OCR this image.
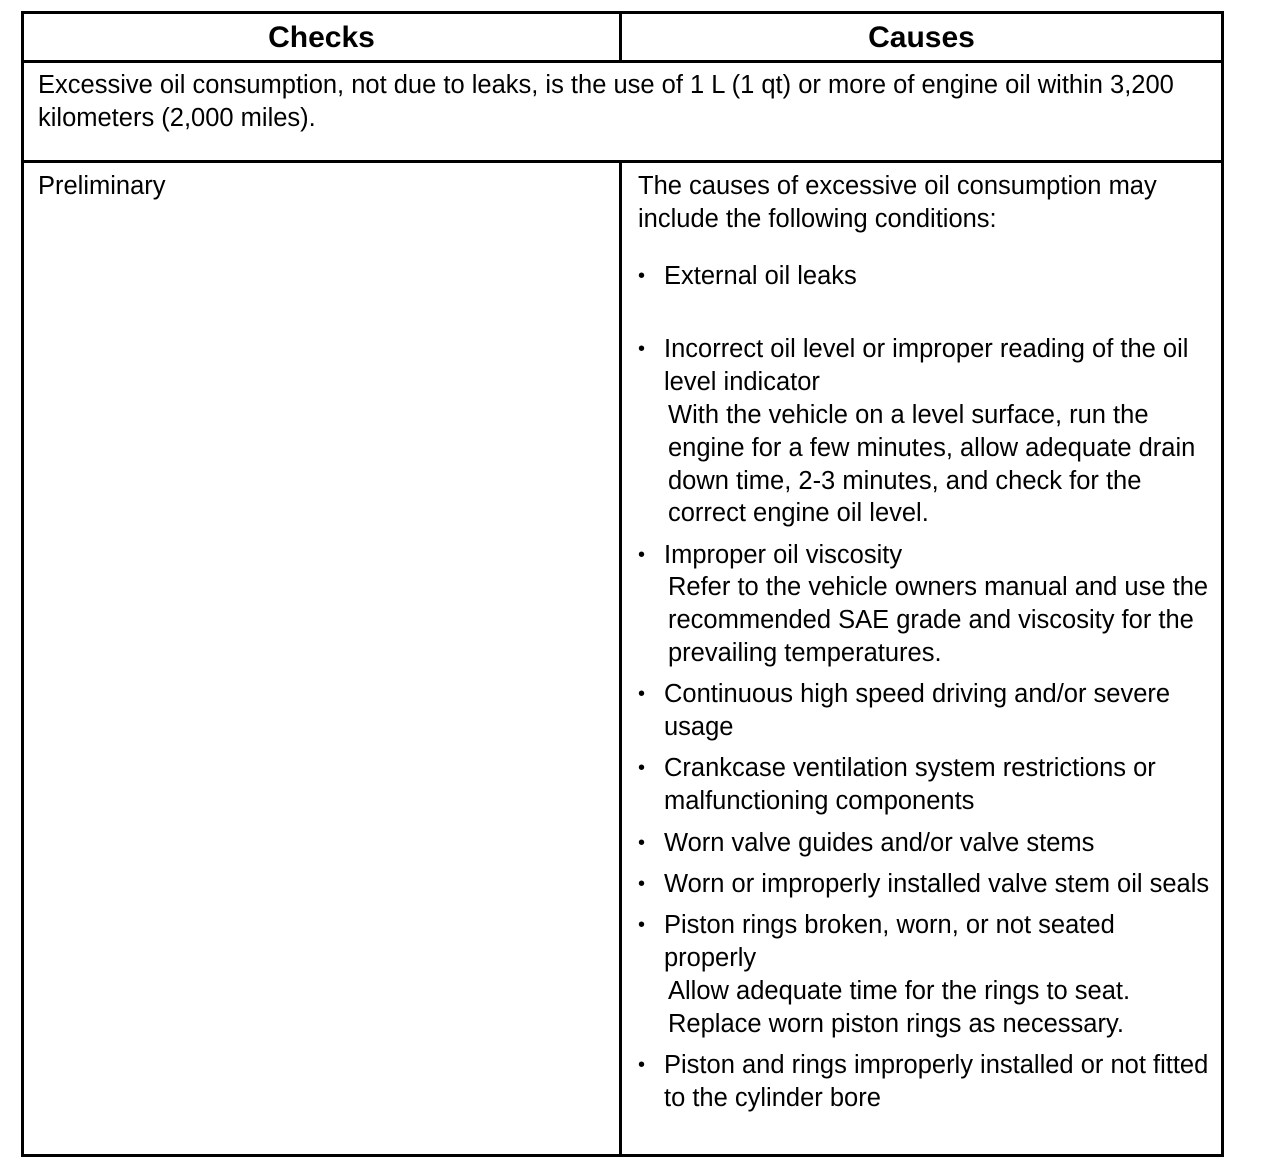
Checks	Causes
Excessive oil consumption, not due to leaks, is the use of 1 L (1 qt) or more of engine oil within 3,200 kilometers (2,000 miles).
Preliminary	The causes of excessive oil consumption may include the following conditions:

• External oil leaks
• Incorrect oil level or improper reading of the oil level indicator
With the vehicle on a level surface, run the engine for a few minutes, allow adequate drain down time, 2-3 minutes, and check for the correct engine oil level.
• Improper oil viscosity
Refer to the vehicle owners manual and use the recommended SAE grade and viscosity for the prevailing temperatures.
• Continuous high speed driving and/or severe usage
• Crankcase ventilation system restrictions or malfunctioning components
• Worn valve guides and/or valve stems
• Worn or improperly installed valve stem oil seals
• Piston rings broken, worn, or not seated properly
Allow adequate time for the rings to seat. Replace worn piston rings as necessary.
• Piston and rings improperly installed or not fitted to the cylinder bore
